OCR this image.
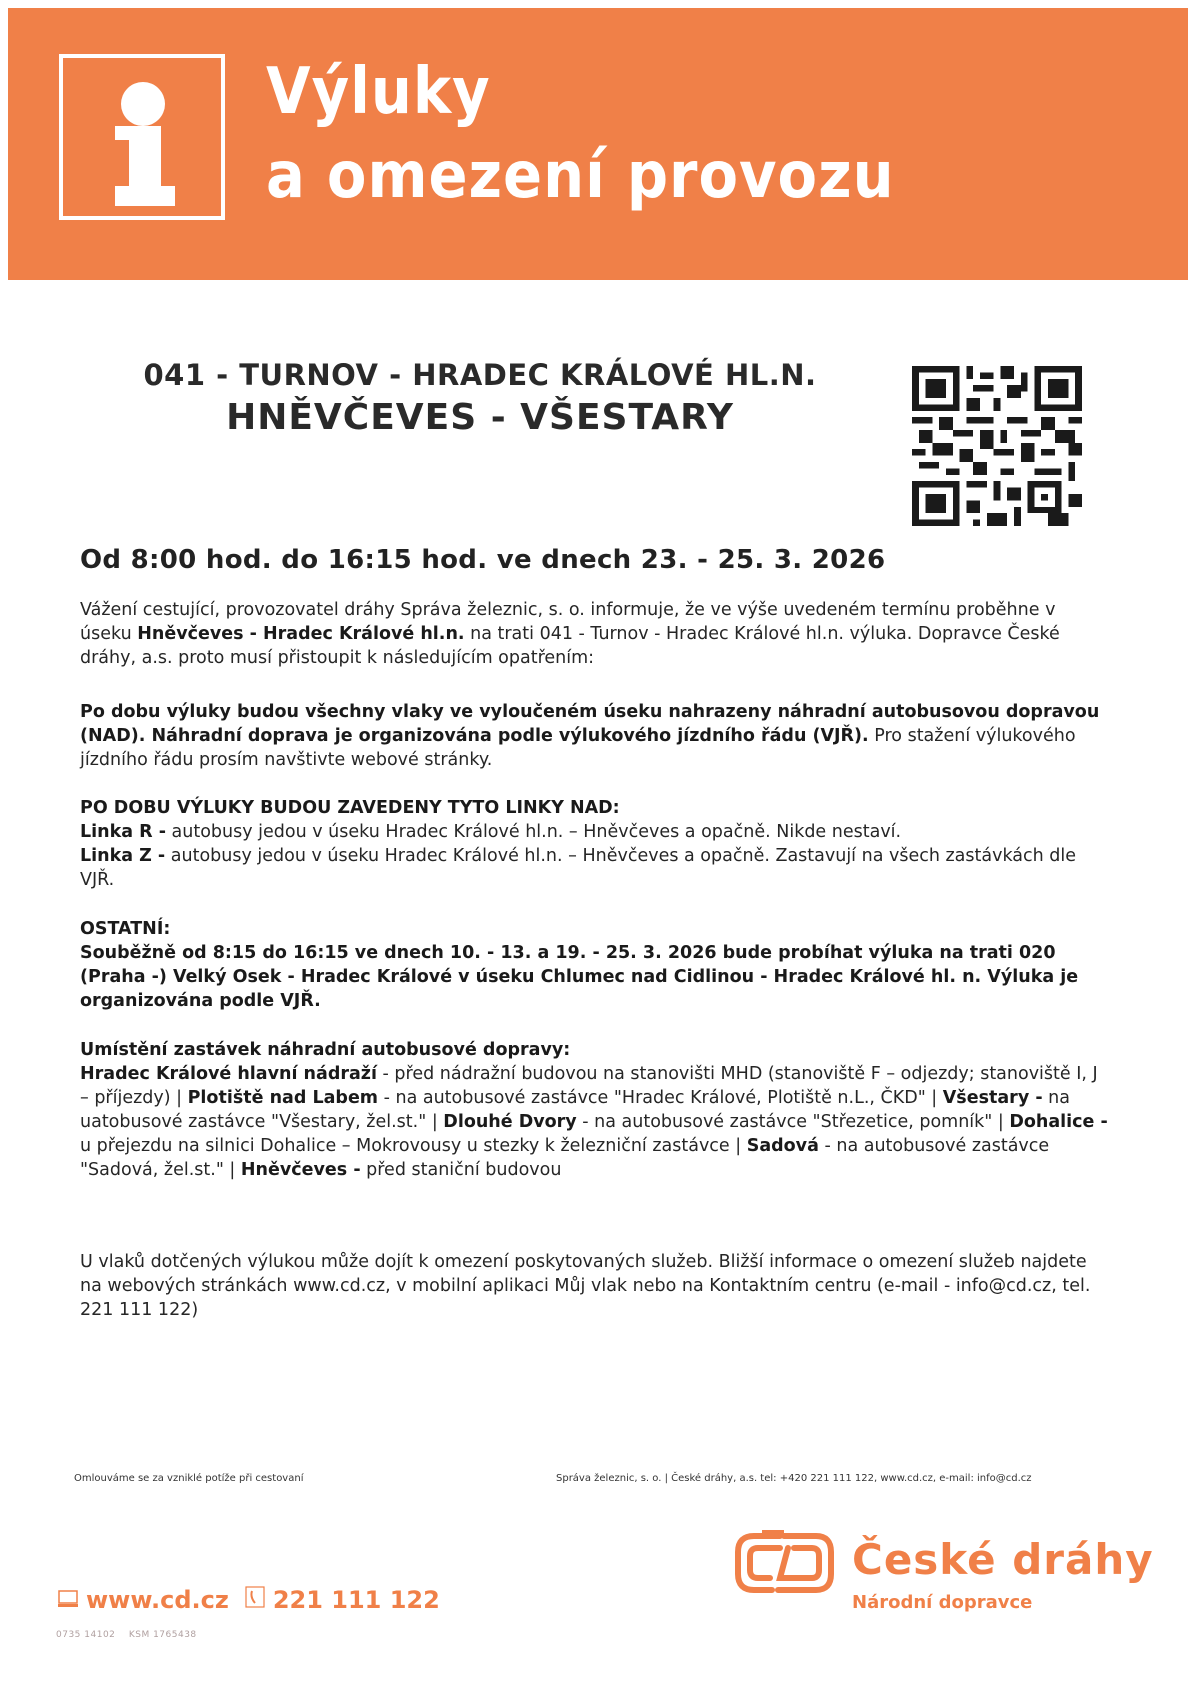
Výluky
a omezení provozu
041 - TURNOV - HRADEC KRÁLOVÉ HL.N.
HNĚVČEVES - VŠESTARY
Od 8:00 hod. do 16:15 hod. ve dnech 23. - 25. 3. 2026

Vážení cestující, provozovatel dráhy Správa železnic, s. o. informuje, že ve výše uvedeném termínu proběhne v úseku Hněvčeves - Hradec Králové hl.n. na trati 041 - Turnov - Hradec Králové hl.n. výluka. Dopravce České dráhy, a.s. proto musí přistoupit k následujícím opatřením:

Po dobu výluky budou všechny vlaky ve vyloučeném úseku nahrazeny náhradní autobusovou dopravou (NAD). Náhradní doprava je organizována podle výlukového jízdního řádu (VJŘ). Pro stažení výlukového jízdního řádu prosím navštivte webové stránky.

PO DOBU VÝLUKY BUDOU ZAVEDENY TYTO LINKY NAD:
Linka R - autobusy jedou v úseku Hradec Králové hl.n. – Hněvčeves a opačně. Nikde nestaví.
Linka Z - autobusy jedou v úseku Hradec Králové hl.n. – Hněvčeves a opačně. Zastavují na všech zastávkách dle VJŘ.
OSTATNÍ:
Souběžně od 8:15 do 16:15 ve dnech 10. - 13. a 19. - 25. 3. 2026 bude probíhat výluka na trati 020 (Praha -) Velký Osek - Hradec Králové v úseku Chlumec nad Cidlinou - Hradec Králové hl. n. Výluka je organizována podle VJŘ.
Umístění zastávek náhradní autobusové dopravy:
Hradec Králové hlavní nádraží - před nádražní budovou na stanovišti MHD (stanoviště F – odjezdy; stanoviště I, J – příjezdy) | Plotiště nad Labem - na autobusové zastávce "Hradec Králové, Plotiště n.L., ČKD" | Všestary - na uatobusové zastávce "Všestary, žel.st." | Dlouhé Dvory - na autobusové zastávce "Střezetice, pomník" | Dohalice - u přejezdu na silnici Dohalice – Mokrovousy u stezky k železniční zastávce | Sadová - na autobusové zastávce "Sadová, žel.st." | Hněvčeves - před staniční budovou

U vlaků dotčených výlukou může dojít k omezení poskytovaných služeb. Bližší informace o omezení služeb najdete na webových stránkách www.cd.cz, v mobilní aplikaci Můj vlak nebo na Kontaktním centru (e-mail - info@cd.cz, tel. 221 111 122)

Omlouváme se za vzniklé potíže při cestovaní	Správa železnic, s. o. | České dráhy, a.s. tel: +420 221 111 122, www.cd.cz, e-mail: info@cd.cz
České dráhy
Národní dopravce
www.cd.cz 221 111 122
0735 14102    KSM 1765438
